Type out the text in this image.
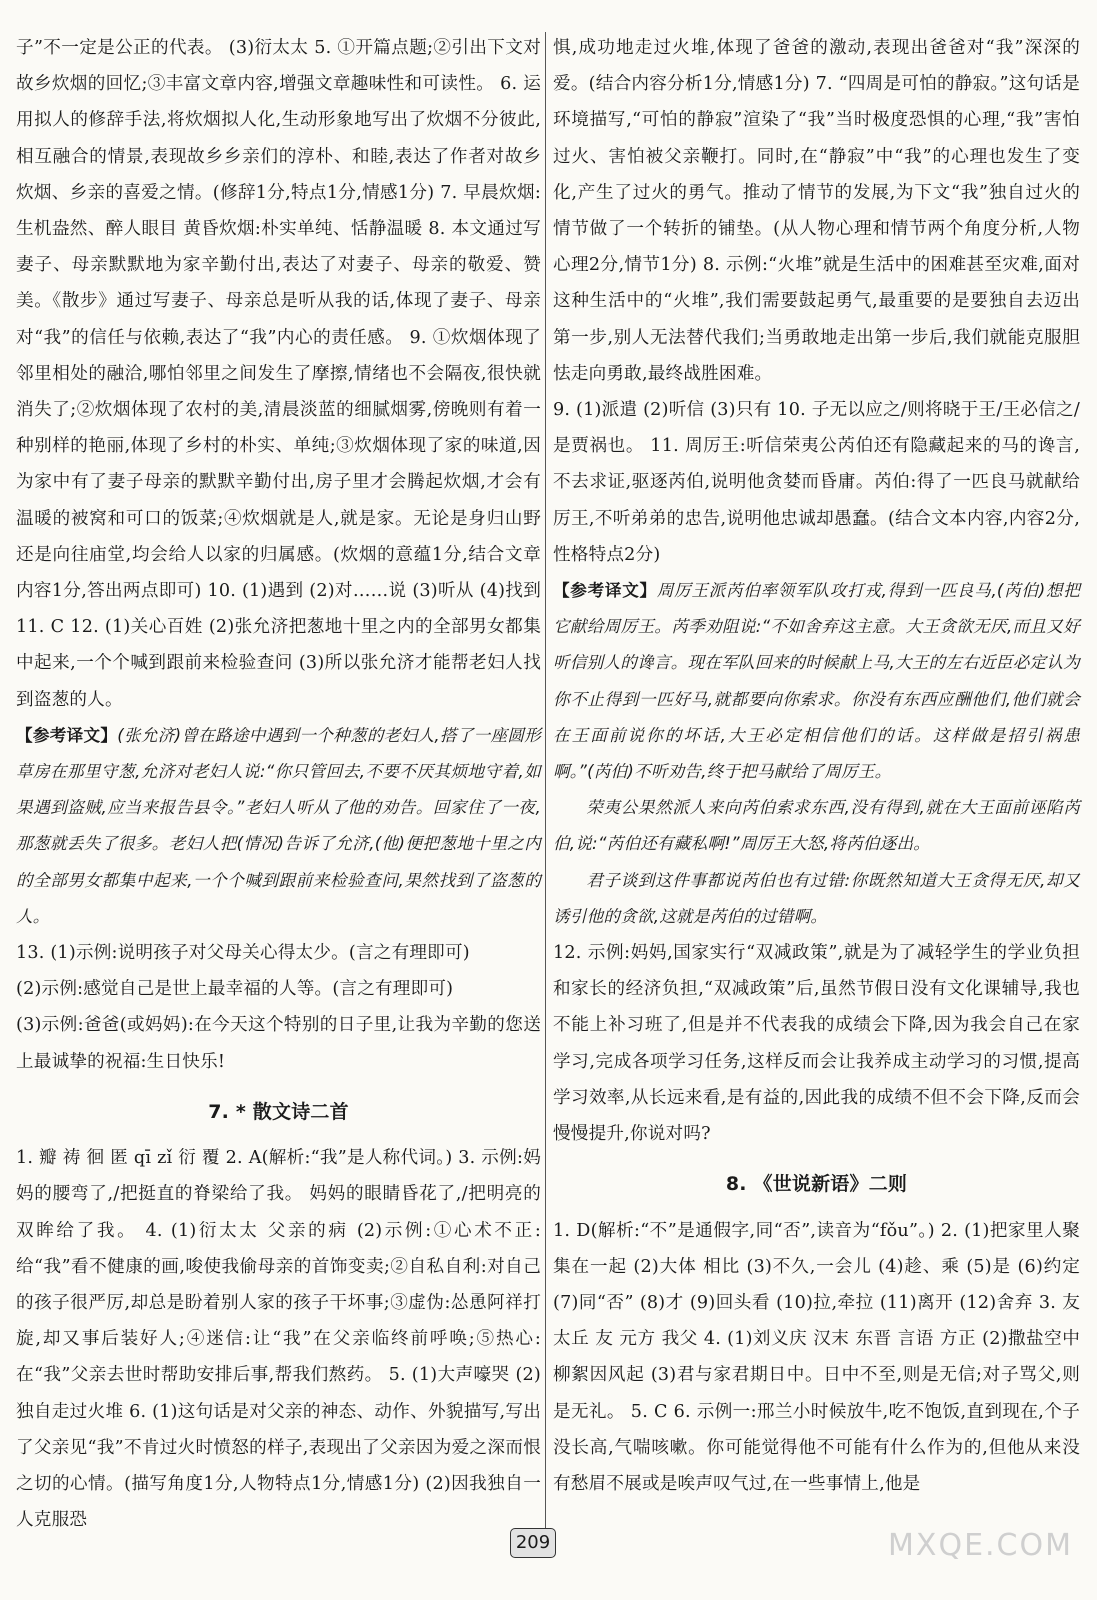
子”不一定是公正的代表。 (3)衍太太 5. ①开篇点题;②引出下文对故乡炊烟的回忆;③丰富文章内容,增强文章趣味性和可读性。 6. 运用拟人的修辞手法,将炊烟拟人化,生动形象地写出了炊烟不分彼此,相互融合的情景,表现故乡乡亲们的淳朴、和睦,表达了作者对故乡炊烟、乡亲的喜爱之情。(修辞1分,特点1分,情感1分) 7. 早晨炊烟:生机盎然、醉人眼目 黄昏炊烟:朴实单纯、恬静温暖 8. 本文通过写妻子、母亲默默地为家辛勤付出,表达了对妻子、母亲的敬爱、赞美。《散步》通过写妻子、母亲总是听从我的话,体现了妻子、母亲对“我”的信任与依赖,表达了“我”内心的责任感。 9. ①炊烟体现了邻里相处的融洽,哪怕邻里之间发生了摩擦,情绪也不会隔夜,很快就消失了;②炊烟体现了农村的美,清晨淡蓝的细腻烟雾,傍晚则有着一种别样的艳丽,体现了乡村的朴实、单纯;③炊烟体现了家的味道,因为家中有了妻子母亲的默默辛勤付出,房子里才会腾起炊烟,才会有温暖的被窝和可口的饭菜;④炊烟就是人,就是家。无论是身归山野还是向往庙堂,均会给人以家的归属感。(炊烟的意蕴1分,结合文章内容1分,答出两点即可) 10. (1)遇到 (2)对……说 (3)听从 (4)找到 11. C 12. (1)关心百姓 (2)张允济把葱地十里之内的全部男女都集中起来,一个个喊到跟前来检验查问 (3)所以张允济才能帮老妇人找到盗葱的人。

【参考译文】(张允济)曾在路途中遇到一个种葱的老妇人,搭了一座圆形草房在那里守葱,允济对老妇人说:“你只管回去,不要不厌其烦地守着,如果遇到盗贼,应当来报告县令。”老妇人听从了他的劝告。回家住了一夜,那葱就丢失了很多。老妇人把(情况)告诉了允济,(他)便把葱地十里之内的全部男女都集中起来,一个个喊到跟前来检验查问,果然找到了盗葱的人。

13. (1)示例:说明孩子对父母关心得太少。(言之有理即可)

(2)示例:感觉自己是世上最幸福的人等。(言之有理即可)

(3)示例:爸爸(或妈妈):在今天这个特别的日子里,让我为辛勤的您送上最诚挚的祝福:生日快乐!

7. * 散文诗二首

1. 瓣 祷 徊 匿 qī zǐ 衍 覆 2. A(解析:“我”是人称代词。) 3. 示例:妈妈的腰弯了,/把挺直的脊梁给了我。 妈妈的眼睛昏花了,/把明亮的双眸给了我。 4. (1)衍太太 父亲的病 (2)示例:①心术不正:给“我”看不健康的画,唆使我偷母亲的首饰变卖;②自私自利:对自己的孩子很严厉,却总是盼着别人家的孩子干坏事;③虚伪:怂恿阿祥打旋,却又事后装好人;④迷信:让“我”在父亲临终前呼唤;⑤热心:在“我”父亲去世时帮助安排后事,帮我们熬药。 5. (1)大声嚎哭 (2)独自走过火堆 6. (1)这句话是对父亲的神态、动作、外貌描写,写出了父亲见“我”不肯过火时愤怒的样子,表现出了父亲因为爱之深而恨之切的心情。(描写角度1分,人物特点1分,情感1分) (2)因我独自一人克服恐

惧,成功地走过火堆,体现了爸爸的激动,表现出爸爸对“我”深深的爱。(结合内容分析1分,情感1分) 7. “四周是可怕的静寂。”这句话是环境描写,“可怕的静寂”渲染了“我”当时极度恐惧的心理,“我”害怕过火、害怕被父亲鞭打。同时,在“静寂”中“我”的心理也发生了变化,产生了过火的勇气。推动了情节的发展,为下文“我”独自过火的情节做了一个转折的铺垫。(从人物心理和情节两个角度分析,人物心理2分,情节1分) 8. 示例:“火堆”就是生活中的困难甚至灾难,面对这种生活中的“火堆”,我们需要鼓起勇气,最重要的是要独自去迈出第一步,别人无法替代我们;当勇敢地走出第一步后,我们就能克服胆怯走向勇敢,最终战胜困难。

9. (1)派遣 (2)听信 (3)只有 10. 子无以应之/则将晓于王/王必信之/是贾祸也。 11. 周厉王:听信荣夷公芮伯还有隐藏起来的马的谗言,不去求证,驱逐芮伯,说明他贪婪而昏庸。芮伯:得了一匹良马就献给厉王,不听弟弟的忠告,说明他忠诚却愚蠢。(结合文本内容,内容2分,性格特点2分)

【参考译文】周厉王派芮伯率领军队攻打戎,得到一匹良马,(芮伯)想把它献给周厉王。芮季劝阻说:“不如舍弃这主意。大王贪欲无厌,而且又好听信别人的谗言。现在军队回来的时候献上马,大王的左右近臣必定认为你不止得到一匹好马,就都要向你索求。你没有东西应酬他们,他们就会在王面前说你的坏话,大王必定相信他们的话。这样做是招引祸患啊。”(芮伯)不听劝告,终于把马献给了周厉王。

荣夷公果然派人来向芮伯索求东西,没有得到,就在大王面前诬陷芮伯,说:“芮伯还有藏私啊!”周厉王大怒,将芮伯逐出。

君子谈到这件事都说芮伯也有过错:你既然知道大王贪得无厌,却又诱引他的贪欲,这就是芮伯的过错啊。

12. 示例:妈妈,国家实行“双减政策”,就是为了减轻学生的学业负担和家长的经济负担,“双减政策”后,虽然节假日没有文化课辅导,我也不能上补习班了,但是并不代表我的成绩会下降,因为我会自己在家学习,完成各项学习任务,这样反而会让我养成主动学习的习惯,提高学习效率,从长远来看,是有益的,因此我的成绩不但不会下降,反而会慢慢提升,你说对吗?

8. 《世说新语》二则

1. D(解析:“不”是通假字,同“否”,读音为“fǒu”。) 2. (1)把家里人聚集在一起 (2)大体 相比 (3)不久,一会儿 (4)趁、乘 (5)是 (6)约定 (7)同“否” (8)才 (9)回头看 (10)拉,牵拉 (11)离开 (12)舍弃 3. 友 太丘 友 元方 我父 4. (1)刘义庆 汉末 东晋 言语 方正 (2)撒盐空中 柳絮因风起 (3)君与家君期日中。日中不至,则是无信;对子骂父,则是无礼。 5. C 6. 示例一:邢兰小时候放牛,吃不饱饭,直到现在,个子没长高,气喘咳嗽。你可能觉得他不可能有什么作为的,但他从来没有愁眉不展或是唉声叹气过,在一些事情上,他是

209	MXQE.COM
